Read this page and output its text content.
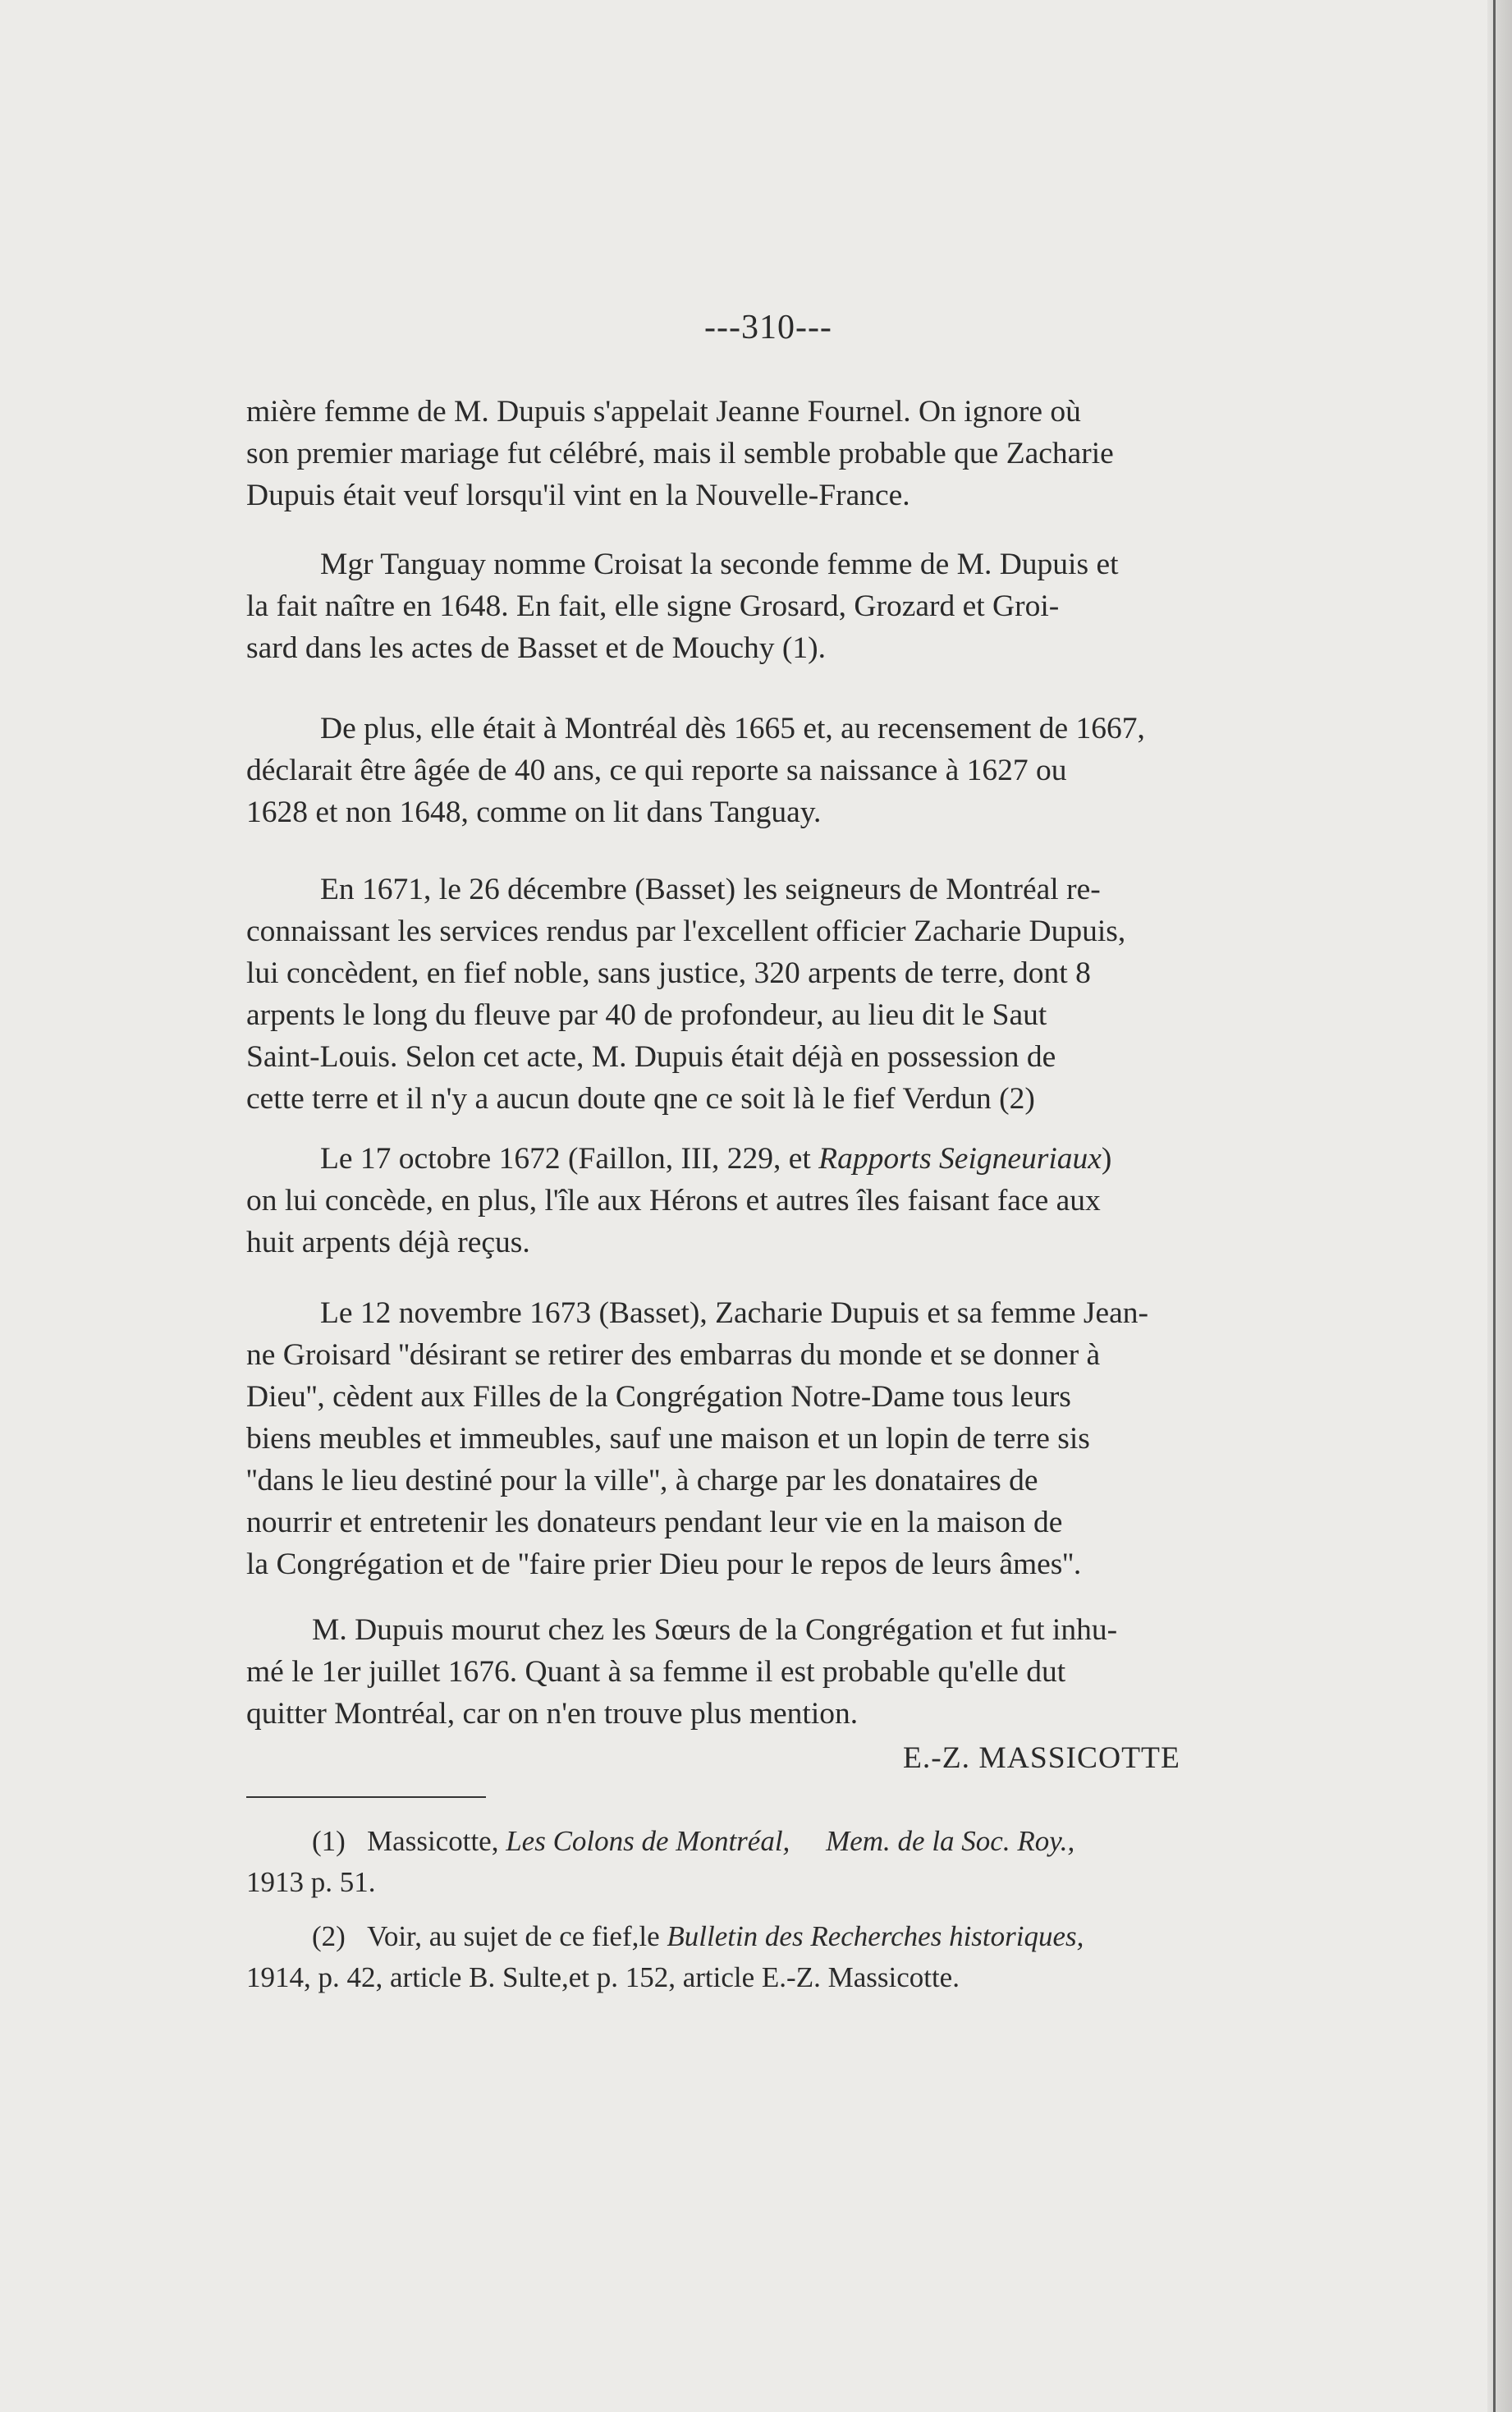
---310---
mière femme de M. Dupuis s'appelait Jeanne Fournel. On ignore où
son premier mariage fut célébré, mais il semble probable que Zacharie
Dupuis était veuf lorsqu'il vint en la Nouvelle-France.
Mgr Tanguay nomme Croisat la seconde femme de M. Dupuis et
la fait naître en 1648. En fait, elle signe Grosard, Grozard et Groi-
sard dans les actes de Basset et de Mouchy (1).
De plus, elle était à Montréal dès 1665 et, au recensement de 1667,
déclarait être âgée de 40 ans, ce qui reporte sa naissance à 1627 ou
1628 et non 1648, comme on lit dans Tanguay.
En 1671, le 26 décembre (Basset) les seigneurs de Montréal re-
connaissant les services rendus par l'excellent officier Zacharie Dupuis,
lui concèdent, en fief noble, sans justice, 320 arpents de terre, dont 8
arpents le long du fleuve par 40 de profondeur, au lieu dit le Saut
Saint-Louis. Selon cet acte, M. Dupuis était déjà en possession de
cette terre et il n'y a aucun doute qne ce soit là le fief Verdun (2)
Le 17 octobre 1672 (Faillon, III, 229, et Rapports Seigneuriaux)
on lui concède, en plus, l'île aux Hérons et autres îles faisant face aux
huit arpents déjà reçus.
Le 12 novembre 1673 (Basset), Zacharie Dupuis et sa femme Jean-
ne Groisard ''désirant se retirer des embarras du monde et se donner à
Dieu'', cèdent aux Filles de la Congrégation Notre-Dame tous leurs
biens meubles et immeubles, sauf une maison et un lopin de terre sis
''dans le lieu destiné pour la ville'', à charge par les donataires de
nourrir et entretenir les donateurs pendant leur vie en la maison de
la Congrégation et de ''faire prier Dieu pour le repos de leurs âmes''.
M. Dupuis mourut chez les Sœurs de la Congrégation et fut inhu-
mé le 1er juillet 1676. Quant à sa femme il est probable qu'elle dut
quitter Montréal, car on n'en trouve plus mention.
E.-Z. MASSICOTTE
(1) Massicotte, Les Colons de Montréal, Mem. de la Soc. Roy.,
1913 p. 51.
(2) Voir, au sujet de ce fief,le Bulletin des Recherches historiques,
1914, p. 42, article B. Sulte,et p. 152, article E.-Z. Massicotte.
